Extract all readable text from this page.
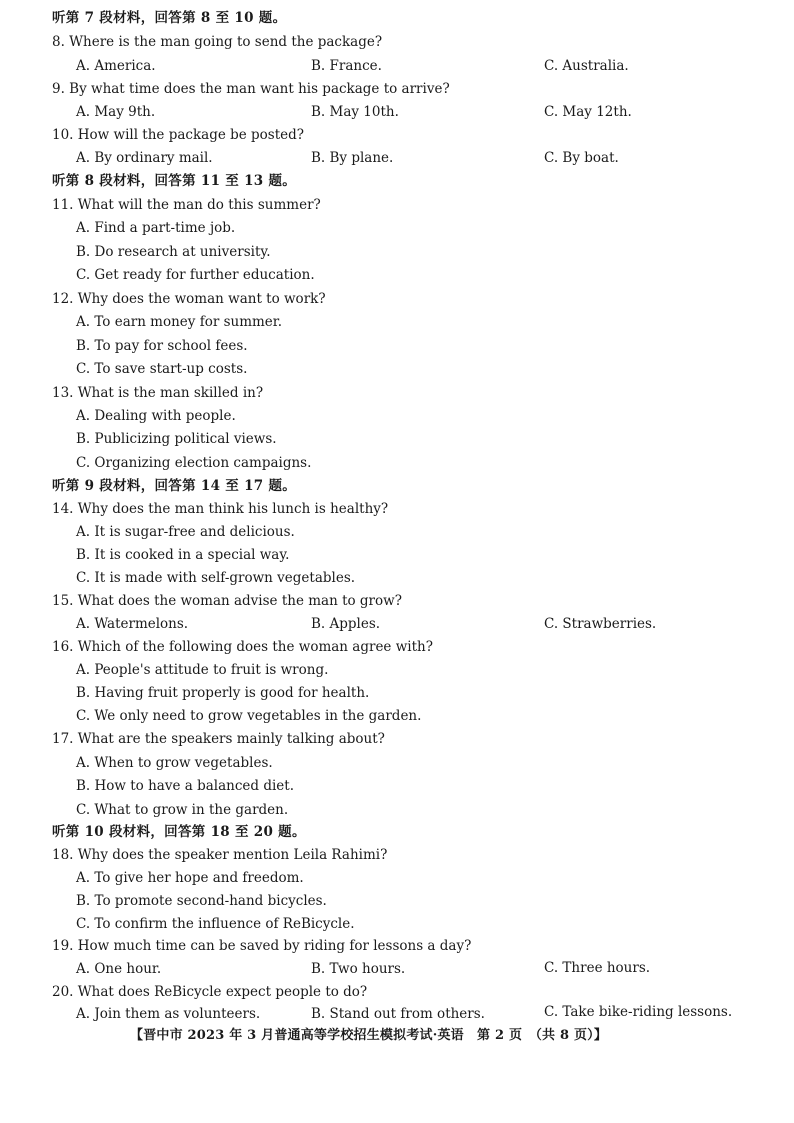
听第 7 段材料，回答第 8 至 10 题。
8. Where is the man going to send the package?
A. America.	B. France.	C. Australia.
9. By what time does the man want his package to arrive?
A. May 9th.	B. May 10th.	C. May 12th.
10. How will the package be posted?
A. By ordinary mail.	B. By plane.	C. By boat.
听第 8 段材料，回答第 11 至 13 题。
11. What will the man do this summer?
A. Find a part-time job.
B. Do research at university.
C. Get ready for further education.
12. Why does the woman want to work?
A. To earn money for summer.
B. To pay for school fees.
C. To save start-up costs.
13. What is the man skilled in?
A. Dealing with people.
B. Publicizing political views.
C. Organizing election campaigns.
听第 9 段材料，回答第 14 至 17 题。
14. Why does the man think his lunch is healthy?
A. It is sugar-free and delicious.
B. It is cooked in a special way.
C. It is made with self-grown vegetables.
15. What does the woman advise the man to grow?
A. Watermelons.	B. Apples.	C. Strawberries.
16. Which of the following does the woman agree with?
A. People's attitude to fruit is wrong.
B. Having fruit properly is good for health.
C. We only need to grow vegetables in the garden.
17. What are the speakers mainly talking about?
A. When to grow vegetables.
B. How to have a balanced diet.
C. What to grow in the garden.
听第 10 段材料，回答第 18 至 20 题。
18. Why does the speaker mention Leila Rahimi?
A. To give her hope and freedom.
B. To promote second-hand bicycles.
C. To confirm the influence of ReBicycle.
19. How much time can be saved by riding for lessons a day?
A. One hour.	B. Two hours.	C. Three hours.
20. What does ReBicycle expect people to do?
A. Join them as volunteers.	B. Stand out from others.	C. Take bike-riding lessons.
【晋中市 2023 年 3 月普通高等学校招生模拟考试·英语　第 2 页　（共 8 页）】
